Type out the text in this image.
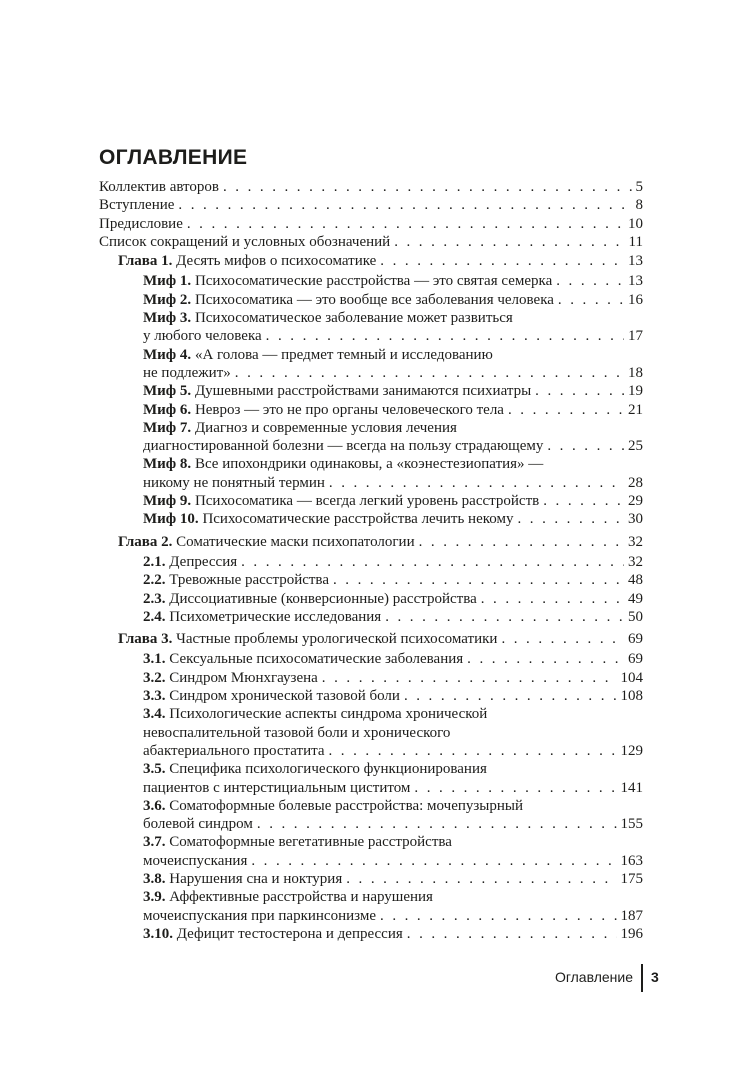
ОГЛАВЛЕНИЕ
Коллектив авторов . . .	5
Вступление . . .	8
Предисловие . . .	10
Список сокращений и условных обозначений . . .	11
Глава 1. Десять мифов о психосоматике . . .	13
Миф 1. Психосоматические расстройства — это святая семерка . . .	13
Миф 2. Психосоматика — это вообще все заболевания человека . . .	16
Миф 3. Психосоматическое заболевание может развиться
у любого человека . . .	17
Миф 4. «А голова — предмет темный и исследованию
не подлежит» . . .	18
Миф 5. Душевными расстройствами занимаются психиатры . . .	19
Миф 6. Невроз — это не про органы человеческого тела . . .	21
Миф 7. Диагноз и современные условия лечения
диагностированной болезни — всегда на пользу страдающему . . .	25
Миф 8. Все ипохондрики одинаковы, а «коэнестезиопатия» —
никому не понятный термин . . .	28
Миф 9. Психосоматика — всегда легкий уровень расстройств . . .	29
Миф 10. Психосоматические расстройства лечить некому . . .	30
Глава 2. Соматические маски психопатологии . . .	32
2.1. Депрессия . . .	32
2.2. Тревожные расстройства . . .	48
2.3. Диссоциативные (конверсионные) расстройства . . .	49
2.4. Психометрические исследования . . .	50
Глава 3. Частные проблемы урологической психосоматики . . .	69
3.1. Сексуальные психосоматические заболевания . . .	69
3.2. Синдром Мюнхгаузена . . .	104
3.3. Синдром хронической тазовой боли . . .	108
3.4. Психологические аспекты синдрома хронической
невоспалительной тазовой боли и хронического
абактериального простатита . . .	129
3.5. Специфика психологического функционирования
пациентов с интерстициальным циститом . . .	141
3.6. Соматоформные болевые расстройства: мочепузырный
болевой синдром . . .	155
3.7. Соматоформные вегетативные расстройства
мочеиспускания . . .	163
3.8. Нарушения сна и ноктурия . . .	175
3.9. Аффективные расстройства и нарушения
мочеиспускания при паркинсонизме . . .	187
3.10. Дефицит тестостерона и депрессия . . .	196
Оглавление 3
